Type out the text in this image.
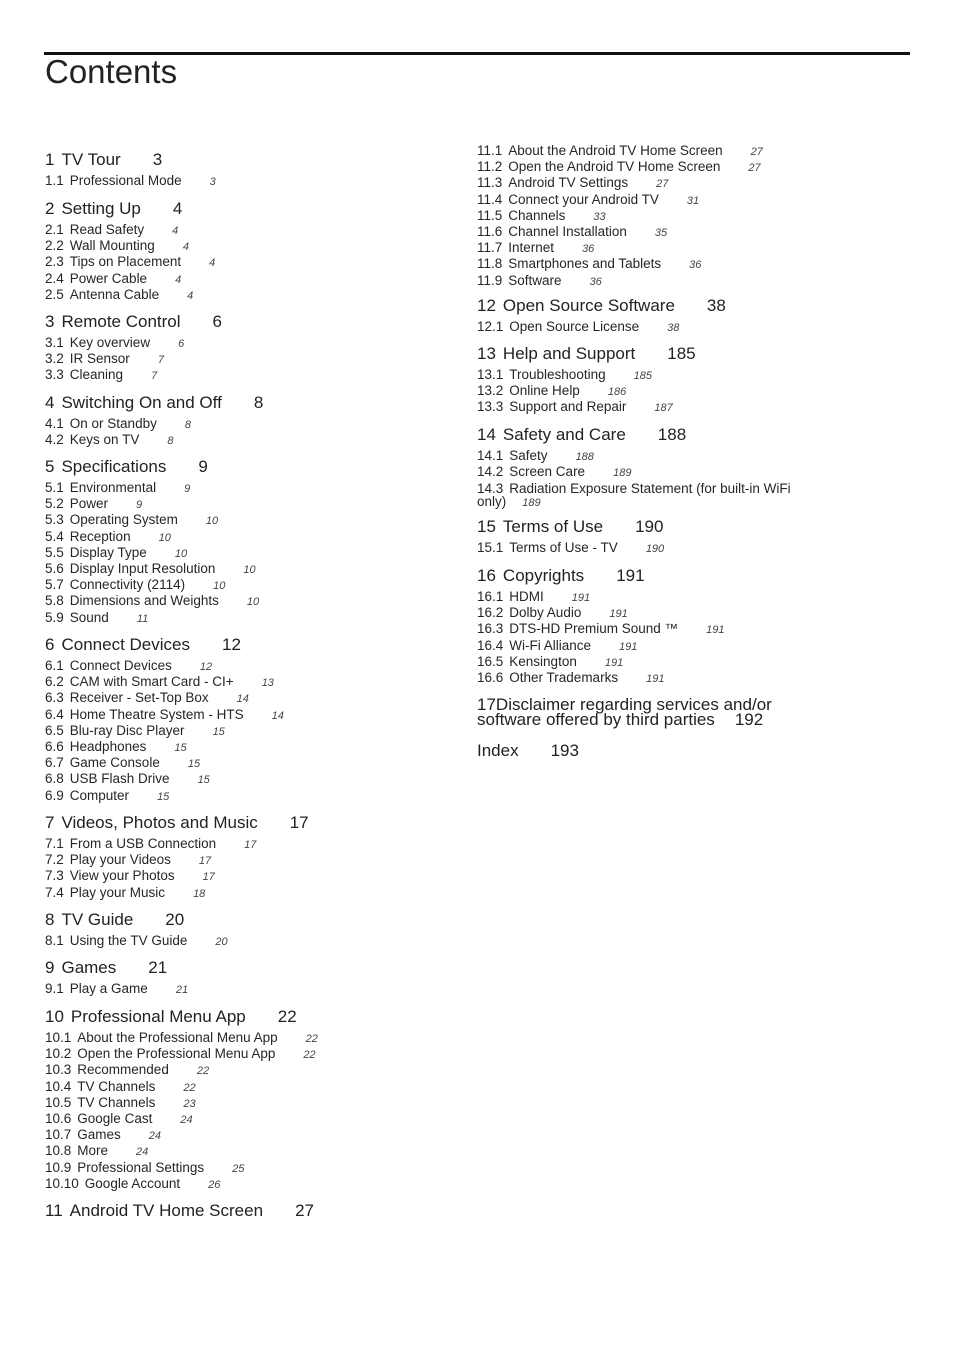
Contents
1 TV Tour 3
1.1 Professional Mode	3
2 Setting Up 4
2.1 Read Safety	4
2.2 Wall Mounting	4
2.3 Tips on Placement	4
2.4 Power Cable	4
2.5 Antenna Cable	4
3 Remote Control 6
3.1 Key overview	6
3.2 IR Sensor	7
3.3 Cleaning	7
4 Switching On and Off 8
4.1 On or Standby	8
4.2 Keys on TV	8
5 Specifications 9
5.1 Environmental	9
5.2 Power	9
5.3 Operating System	10
5.4 Reception	10
5.5 Display Type	10
5.6 Display Input Resolution	10
5.7 Connectivity (2114)	10
5.8 Dimensions and Weights	10
5.9 Sound	11
6 Connect Devices 12
6.1 Connect Devices	12
6.2 CAM with Smart Card - CI+	13
6.3 Receiver - Set-Top Box	14
6.4 Home Theatre System - HTS	14
6.5 Blu-ray Disc Player	15
6.6 Headphones	15
6.7 Game Console	15
6.8 USB Flash Drive	15
6.9 Computer	15
7 Videos, Photos and Music 17
7.1 From a USB Connection	17
7.2 Play your Videos	17
7.3 View your Photos	17
7.4 Play your Music	18
8 TV Guide 20
8.1 Using the TV Guide	20
9 Games 21
9.1 Play a Game	21
10 Professional Menu App 22
10.1 About the Professional Menu App	22
10.2 Open the Professional Menu App	22
10.3 Recommended	22
10.4 TV Channels	22
10.5 TV Channels	23
10.6 Google Cast	24
10.7 Games	24
10.8 More	24
10.9 Professional Settings	25
10.10 Google Account	26
11 Android TV Home Screen 27
11.1 About the Android TV Home Screen	27
11.2 Open the Android TV Home Screen	27
11.3 Android TV Settings	27
11.4 Connect your Android TV	31
11.5 Channels	33
11.6 Channel Installation	35
11.7 Internet	36
11.8 Smartphones and Tablets	36
11.9 Software	36
12 Open Source Software 38
12.1 Open Source License	38
13 Help and Support 185
13.1 Troubleshooting	185
13.2 Online Help	186
13.3 Support and Repair	187
14 Safety and Care 188
14.1 Safety	188
14.2 Screen Care	189
14.3 Radiation Exposure Statement (for built-in WiFi only) 189
15 Terms of Use 190
15.1 Terms of Use - TV	190
16 Copyrights 191
16.1 HDMI	191
16.2 Dolby Audio	191
16.3 DTS-HD Premium Sound ™	191
16.4 Wi-Fi Alliance	191
16.5 Kensington	191
16.6 Other Trademarks	191
17Disclaimer regarding services and/or software offered by third parties 192
Index 193
